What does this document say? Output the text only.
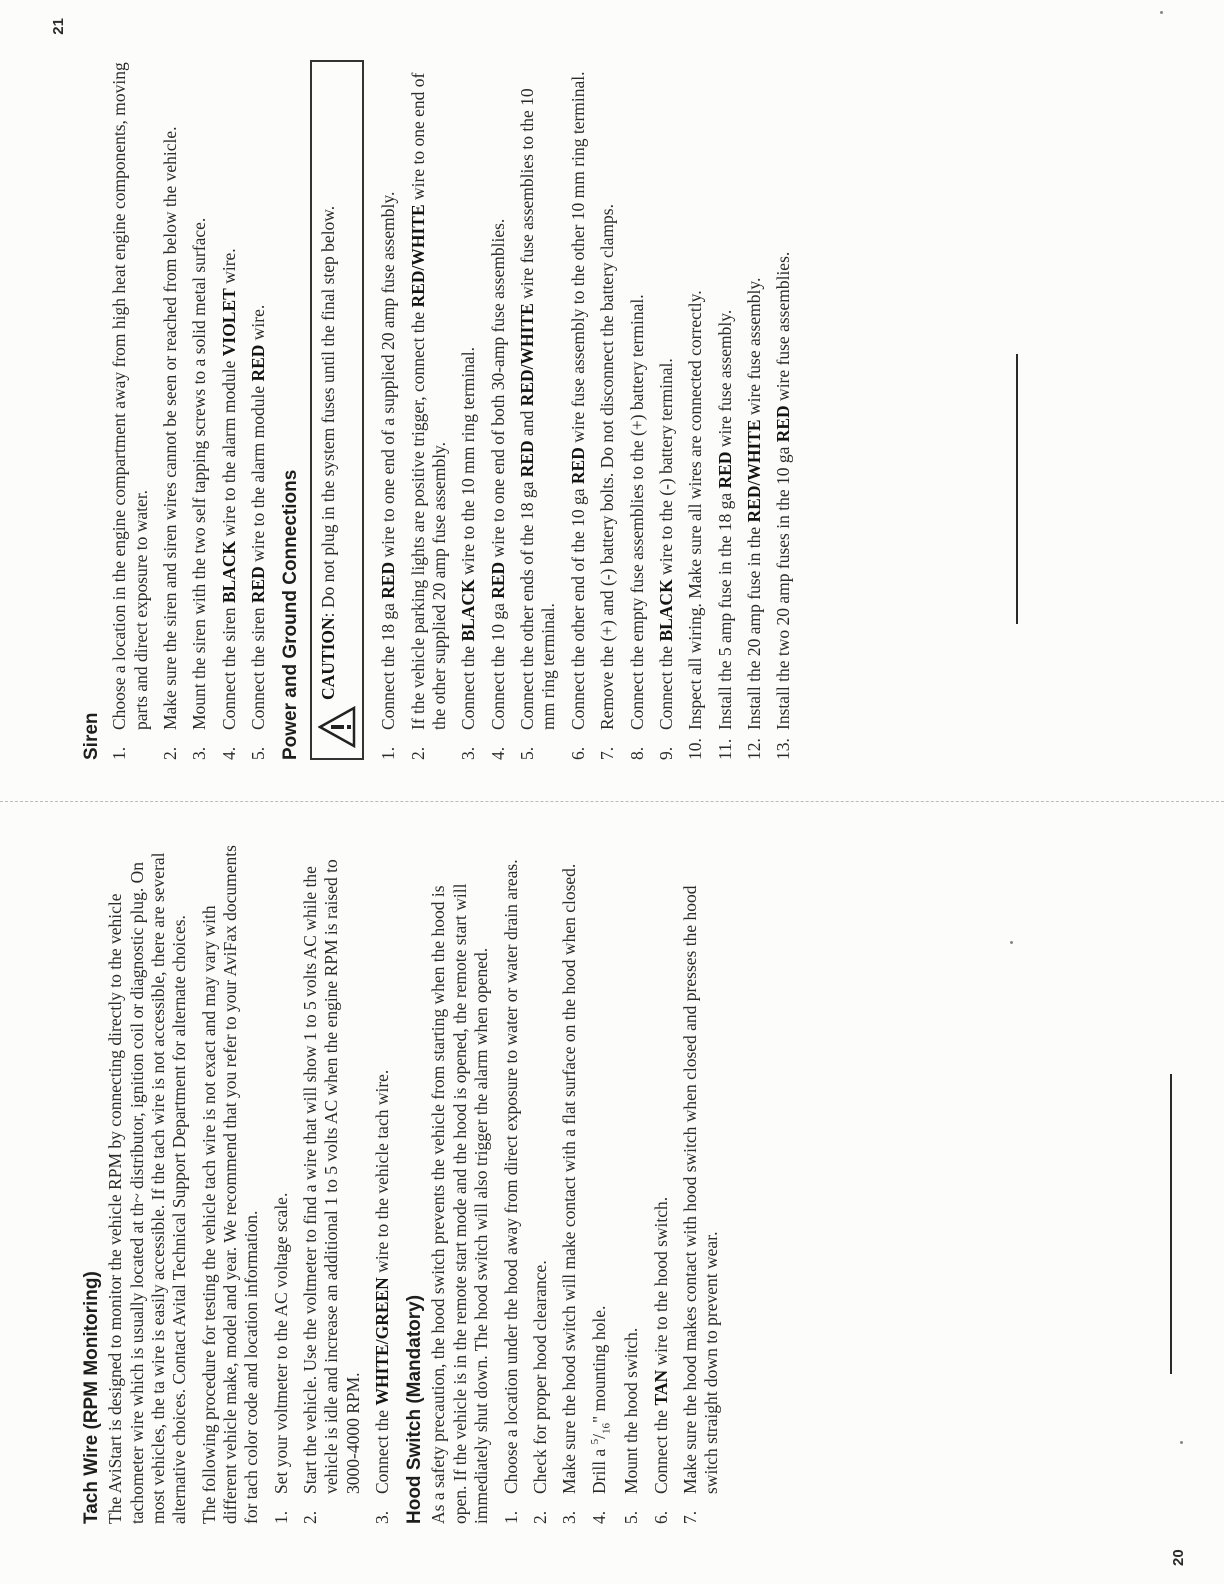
Tach Wire (RPM Monitoring) The AviStart is designed to monitor the vehicle RPM by connecting directly to the vehicle tachometer wire which is usually located at th~ distributor, ignition coil or diagnostic plug. On most vehicles, the ta wire is easily accessible. If the tach wire is not accessible, there are several alternative choices. Contact Avital Technical Support Department for alternate choices. The following procedure for testing the vehicle tach wire is not exact and may vary with different vehicle make, model and year. We recommend that you refer to your AviFax documents for tach color code and location information. 1.
Set your voltmeter to the AC voltage scale.
2.
Start the vehicle. Use the voltmeter to find a wire that will show 1 to 5 volts AC while the vehicle is idle and increase an additional 1 to 5 volts AC when the engine RPM is raised to 3000-4000 RPM.
3.
Connect the WHITE/GREEN wire to the vehicle tach wire.
Hood Switch (Mandatory) As a safety precaution, the hood switch prevents the vehicle from starting when the hood is open. If the vehicle is in the remote start mode and the hood is opened, the remote start will immediately shut down. The hood switch will also trigger the alarm when opened. 1.
Choose a location under the hood away from direct exposure to water or water drain areas.
2.
Check for proper hood clearance.
3.
Make sure the hood switch will make contact with a flat surface on the hood when closed.
4.
Drill a $^5/_{16}$" mounting hole.
5.
Mount the hood switch.
6.
Connect the TAN wire to the hood switch.
7.
Make sure the hood makes contact with hood switch when closed and presses the hood switch straight down to prevent wear.
20
21
Siren 1.
Choose a location in the engine compartment away from high heat engine components, moving parts and direct exposure to water.
2.
Make sure the siren and siren wires cannot be seen or reached from below the vehicle.
3.
Mount the siren with the two self tapping screws to a solid metal surface.
4.
Connect the siren BLACK wire to the alarm module VIOLET wire.
5.
Connect the siren RED wire to the alarm module RED wire.
Power and Ground Connections CAUTION: Do not plug in the system fuses until the final step below.
1.
Connect the 18 ga RED wire to one end of a supplied 20 amp fuse assembly.
2.
If the vehicle parking lights are positive trigger, connect the RED/WHITE wire to one end of the other supplied 20 amp fuse assembly.
3.
Connect the BLACK wire to the 10 mm ring terminal.
4.
Connect the 10 ga RED wire to one end of both 30-amp fuse assemblies.
5.
Connect the other ends of the 18 ga RED and RED/WHITE wire fuse assemblies to the 10 mm ring terminal.
6.
Connect the other end of the 10 ga RED wire fuse assembly to the other 10 mm ring terminal.
7.
Remove the (+) and (-) battery bolts. Do not disconnect the battery clamps.
8.
Connect the empty fuse assemblies to the (+) battery terminal.
9.
Connect the BLACK wire to the (-) battery terminal.
10.
Inspect all wiring. Make sure all wires are connected correctly.
11.
Install the 5 amp fuse in the 18 ga RED wire fuse assembly.
12.
Install the 20 amp fuse in the RED/WHITE wire fuse assembly.
13.
Install the two 20 amp fuses in the 10 ga RED wire fuse assemblies.
